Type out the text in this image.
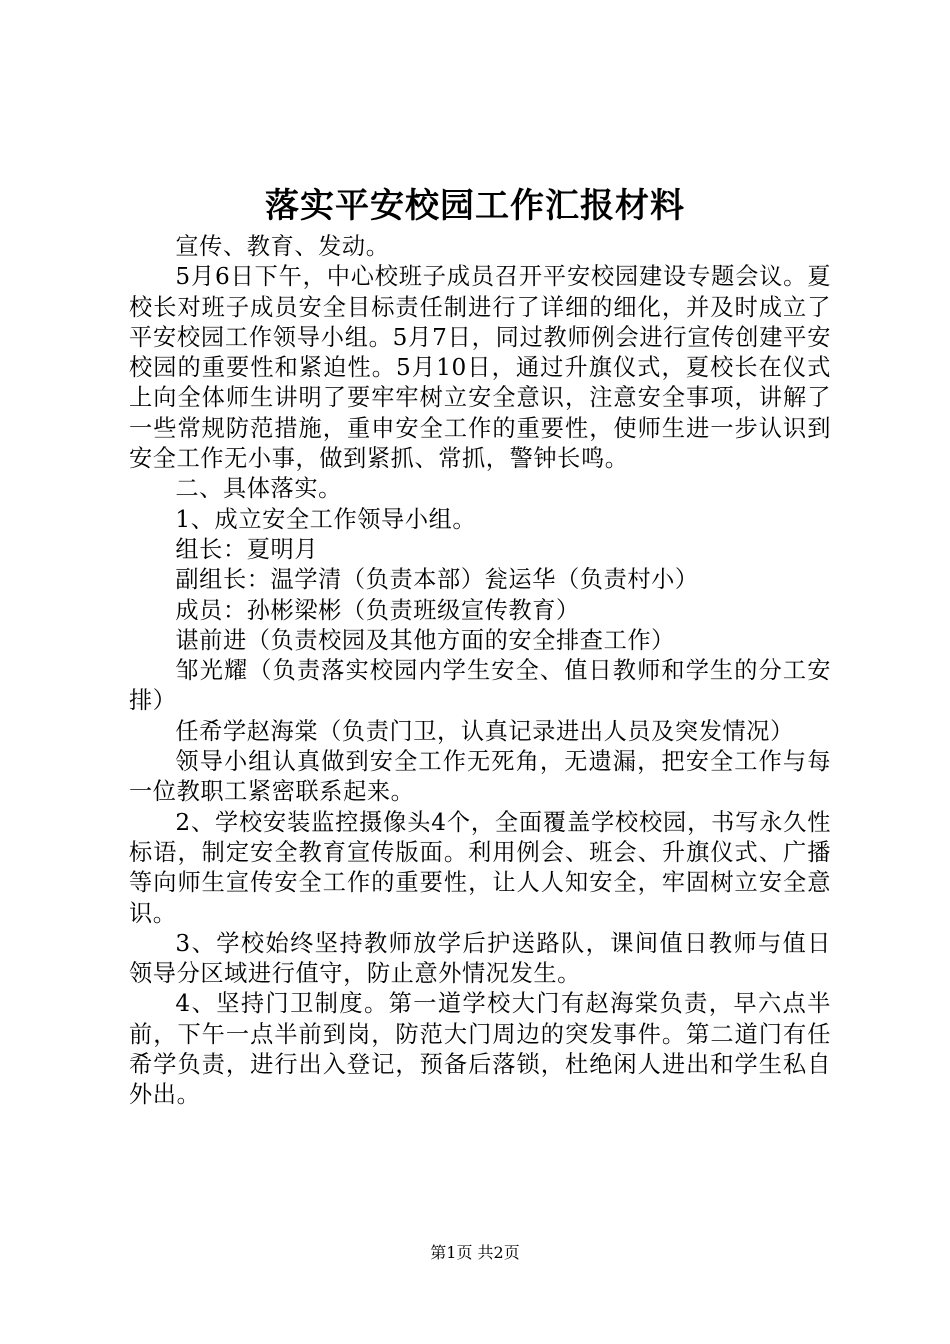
落实平安校园工作汇报材料

宣传、教育、发动。

5月6日下午，中心校班子成员召开平安校园建设专题会议。夏校长对班子成员安全目标责任制进行了详细的细化，并及时成立了平安校园工作领导小组。5月7日，同过教师例会进行宣传创建平安校园的重要性和紧迫性。5月10日，通过升旗仪式，夏校长在仪式上向全体师生讲明了要牢牢树立安全意识，注意安全事项，讲解了一些常规防范措施，重申安全工作的重要性，使师生进一步认识到安全工作无小事，做到紧抓、常抓，警钟长鸣。

二、具体落实。

1、成立安全工作领导小组。

组长：夏明月

副组长：温学清（负责本部）瓮运华（负责村小）

成员：孙彬梁彬（负责班级宣传教育）

谌前进（负责校园及其他方面的安全排查工作）

邹光耀（负责落实校园内学生安全、值日教师和学生的分工安排）

任希学赵海棠（负责门卫，认真记录进出人员及突发情况）

领导小组认真做到安全工作无死角，无遗漏，把安全工作与每一位教职工紧密联系起来。

2、学校安装监控摄像头4个，全面覆盖学校校园，书写永久性标语，制定安全教育宣传版面。利用例会、班会、升旗仪式、广播等向师生宣传安全工作的重要性，让人人知安全，牢固树立安全意识。

3、学校始终坚持教师放学后护送路队，课间值日教师与值日领导分区域进行值守，防止意外情况发生。

4、坚持门卫制度。第一道学校大门有赵海棠负责，早六点半前，下午一点半前到岗，防范大门周边的突发事件。第二道门有任希学负责，进行出入登记，预备后落锁，杜绝闲人进出和学生私自外出。

第1页 共2页
